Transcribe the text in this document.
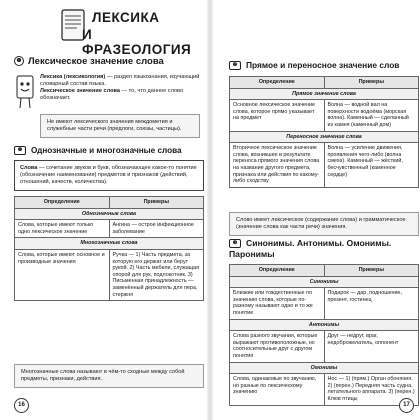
ЛЕКСИКА
И ФРАЗЕОЛОГИЯ
❶ Лексическое значение слова
Лексика (лексикология) — раздел языкознания, изучающий словарный состав языка.
Лексическое значение слова — то, что данное слово обозначает.
Не имеют лексического значения междометия и служебные части речи (предлоги, союзы, частицы).
❶ Однозначные и многозначные слова
Слова — сочетание звуков и букв, обозначающее какое-то понятие (обозначение наименования) предметов и признаков (действий, отношений, качеств, количества).
Определение	Примеры
Однозначные слова	
Слова, которые имеют только одно лексическое значение	Ангина — острое инфекционное заболевание
Многозначные слова	
Слова, которые имеют основное и производные значения	Ручка — 1) Часть предмета, за которую его держат или берут рукой. 2) Часть мебели, служащая опорой для рук, подлокотник. 3) Письменная принадлежность — заменённый держатель для пера, стержня
Многозначные слова называют в чём-то сходные между собой предметы, признаки, действия.
16
❷ Прямое и переносное значение слов
Определение	Примеры
Прямое значение слова	
Основное лексическое значение слова, которое прямо указывает на предмет	Волна — водной вал на поверхности водоёма (морская волна). Каменный — сделанный из камня (каменный дом)
Переносное значение слова	
Вторичное лексическое значение слова, возникшее в результате переноса прямого значения слова на название другого предмета, признака или действия по какому-либо сходству	Волна — усиление движения, проявления чего-либо (волна смеха). Каменный — жёсткий, бесчувственный (каменное сердце)
Слово имеет лексическое (содержание слова) и грамматическое (значение слова как части речи) значения.
❸ Синонимы. Антонимы. Омонимы. Паронимы
Определение	Примеры
Синонимы	
Близкие или тождественные по значению слова, которые по-разному называют одно и то же понятие	Подарок — дар, подношение, презент, гостинец
Антонимы	
Слова разного звучания, которые выражают противоположные, но соотносительные друг с другом понятия	Друг — недруг, враг, недоброжелатель, оппонент
Омонимы	
Слова, одинаковые по звучанию, но разные по лексическому значению	Нос — 1) (прям.) Орган обоняния. 2) (перен.) Передняя часть судна, летательного аппарата. 3) (перен.) Клюв птицы
17
